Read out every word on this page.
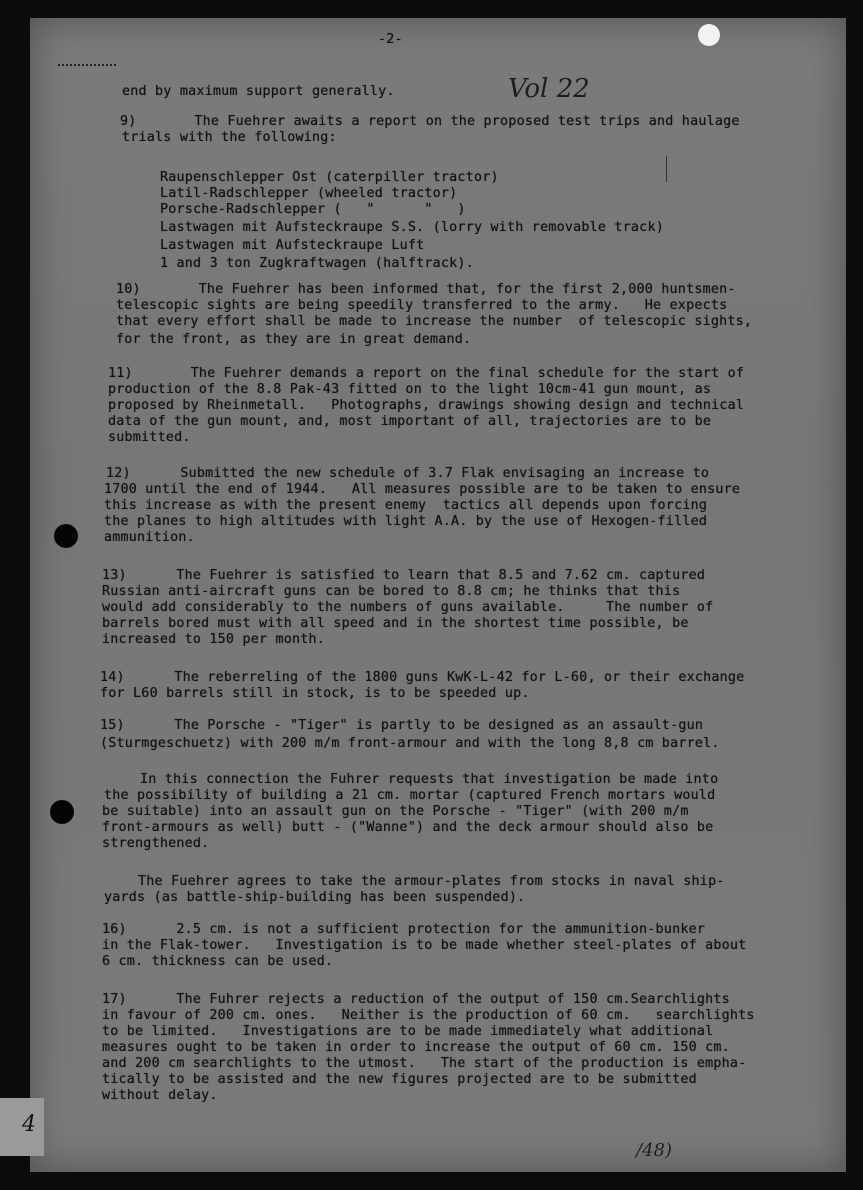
-2-
Vol 22
end by maximum support generally.
9)       The Fuehrer awaits a report on the proposed test trips and haulage
trials with the following:
Raupenschlepper Ost (caterpiller tractor)
Latil-Radschlepper (wheeled tractor)
Porsche-Radschlepper (   "      "   )
Lastwagen mit Aufsteckraupe S.S. (lorry with removable track)
Lastwagen mit Aufsteckraupe Luft
1 and 3 ton Zugkraftwagen (halftrack).
10)       The Fuehrer has been informed that, for the first 2,000 huntsmen-
telescopic sights are being speedily transferred to the army.   He expects
that every effort shall be made to increase the number  of telescopic sights,
for the front, as they are in great demand.
11)       The Fuehrer demands a report on the final schedule for the start of
production of the 8.8 Pak-43 fitted on to the light 10cm-41 gun mount, as
proposed by Rheinmetall.   Photographs, drawings showing design and technical
data of the gun mount, and, most important of all, trajectories are to be
submitted.
12)      Submitted the new schedule of 3.7 Flak envisaging an increase to
1700 until the end of 1944.   All measures possible are to be taken to ensure
this increase as with the present enemy  tactics all depends upon forcing
the planes to high altitudes with light A.A. by the use of Hexogen-filled
ammunition.
13)      The Fuehrer is satisfied to learn that 8.5 and 7.62 cm. captured
Russian anti-aircraft guns can be bored to 8.8 cm; he thinks that this
would add considerably to the numbers of guns available.     The number of
barrels bored must with all speed and in the shortest time possible, be
increased to 150 per month.
14)      The reberreling of the 1800 guns KwK-L-42 for L-60, or their exchange
for L60 barrels still in stock, is to be speeded up.
15)      The Porsche - "Tiger" is partly to be designed as an assault-gun
(Sturmgeschuetz) with 200 m/m front-armour and with the long 8,8 cm barrel.
In this connection the Fuhrer requests that investigation be made into
the possibility of building a 21 cm. mortar (captured French mortars would
be suitable) into an assault gun on the Porsche - "Tiger" (with 200 m/m
front-armours as well) butt - ("Wanne") and the deck armour should also be
strengthened.
The Fuehrer agrees to take the armour-plates from stocks in naval ship-
yards (as battle-ship-building has been suspended).
16)      2.5 cm. is not a sufficient protection for the ammunition-bunker
in the Flak-tower.   Investigation is to be made whether steel-plates of about
6 cm. thickness can be used.
17)      The Fuhrer rejects a reduction of the output of 150 cm.Searchlights
in favour of 200 cm. ones.   Neither is the production of 60 cm.   searchlights
to be limited.   Investigations are to be made immediately what additional
measures ought to be taken in order to increase the output of 60 cm. 150 cm.
and 200 cm searchlights to the utmost.   The start of the production is empha-
tically to be assisted and the new figures projected are to be submitted
without delay.
/48)
4
